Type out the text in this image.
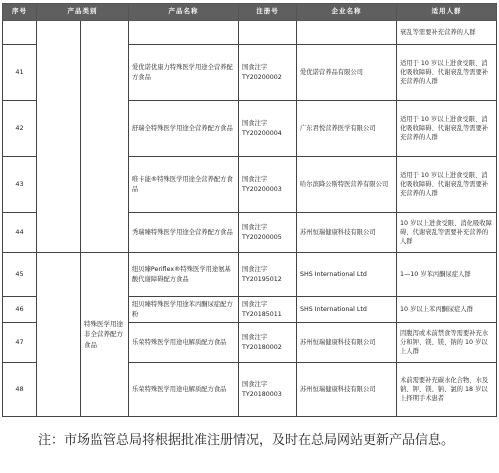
序号	产品类别		产品名称	注册号	企业名称	适用人群
						衰乱等需要补充营养的人群
41			爱优诺优康力特殊医学用途全营养配方食品	国食注字TY20200002	爱优诺营养品有限公司	适用于 10 岁以上进食受限、消化吸收障碍、代谢衰乱等需要补充营养的人群
42			舒瑞全特殊医学用途全营养配方食品	国食注字TY20200004	广东君悦营养医学有限公司	适用于 10 岁以上进食受限、消化吸收障碍、代谢衰乱等需要补充营养的人群
43			唯卡能®特殊医学用途全营养配方食品	国食注字TY20200003	哈尔滨降公斯特医营养有限公司	适用于 10 岁以上进食受限、消化吸收障碍、代谢衰乱等需要补充营养的人群
44			秀瑞臻特殊医学用途全营养配方食品	国食注字TY20200005	苏州恒瑞健康科技有限公司	10 岁以上进食受限、消化吸收障碍、代谢衰乱等需要补充营养的人群
45		特殊医学用途非全营养配方食品	纽贝臻Periflex®特殊医学用途氨基酸代谢障碍配方食品	国食注字TY20195012	SHS International Ltd	1—10 岁苯丙酮尿症人群
46			纽贝臻特殊医学用途苯丙酮尿症配方粉	国食注字TY20185011	SHS International Ltd	10 岁以上苯丙酮尿症人群
47			乐荣特殊医学用途电解质配方食品	国食注字TY20180002	苏州恒瑞健康科技有限公司	因腹泻或术前禁食等需要补充水分和钾、镁、镁、钠的 10 岁以上人群
48			乐荣特殊医学用途电解质配方食品	国食注字TY20180003	苏州恒瑞健康科技有限公司	术前需要补充碳水化合物、水及钠、钾、镁、钠、氯的 18 岁以上择期手术患者
注：市场监管总局将根据批准注册情况，及时在总局网站更新产品信息。
